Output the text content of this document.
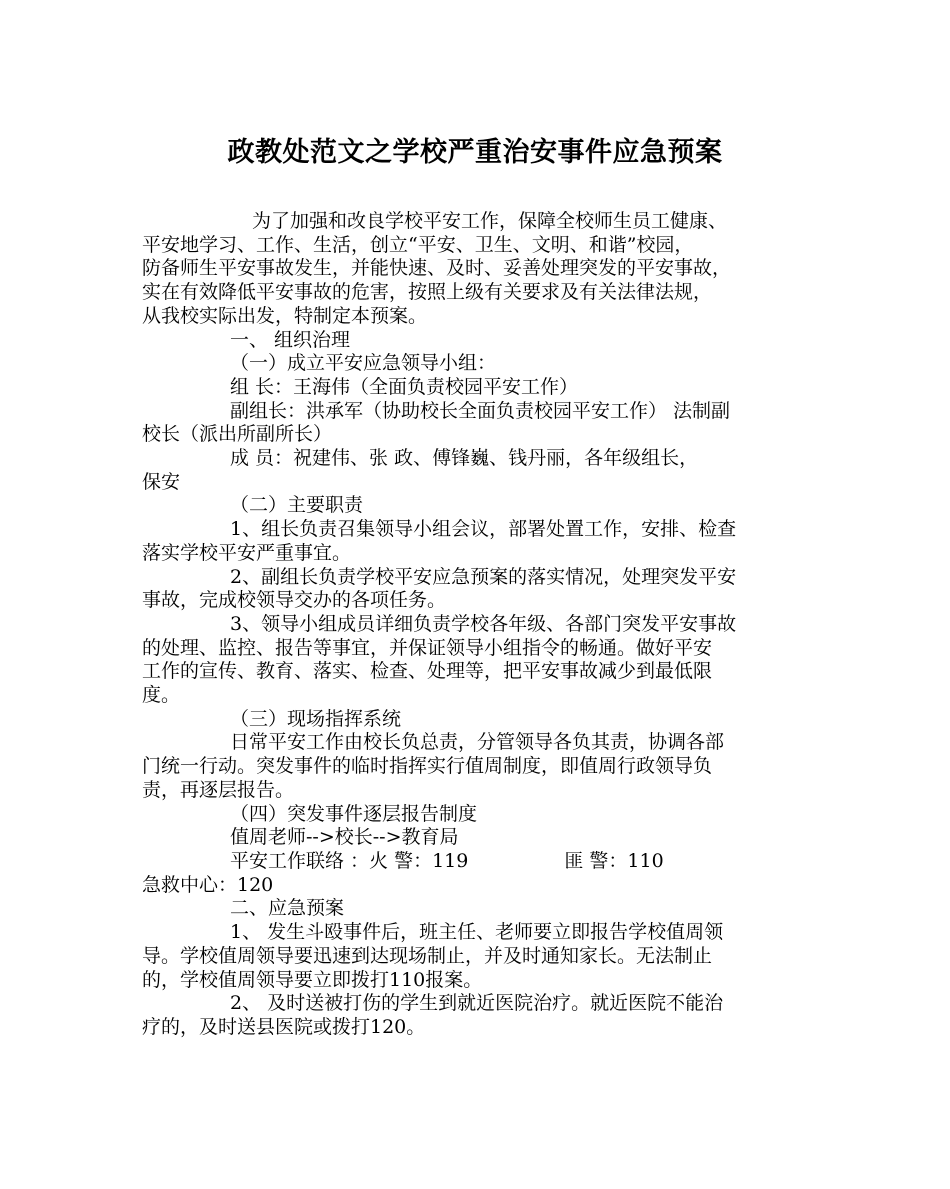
政教处范文之学校严重治安事件应急预案

为了加强和改良学校平安工作，保障全校师生员工健康、

平安地学习、工作、生活，创立“平安、卫生、文明、和谐”校园，

防备师生平安事故发生，并能快速、及时、妥善处理突发的平安事故，

实在有效降低平安事故的危害，按照上级有关要求及有关法律法规，

从我校实际出发，特制定本预案。

一、 组织治理

（一）成立平安应急领导小组：

组 长：王海伟（全面负责校园平安工作）

副组长：洪承军（协助校长全面负责校园平安工作） 法制副

校长（派出所副所长）

成 员：祝建伟、张 政、傅锋巍、钱丹丽，各年级组长，

保安

（二）主要职责

1、组长负责召集领导小组会议，部署处置工作，安排、检查

落实学校平安严重事宜。

2、副组长负责学校平安应急预案的落实情况，处理突发平安

事故，完成校领导交办的各项任务。

3、领导小组成员详细负责学校各年级、各部门突发平安事故

的处理、监控、报告等事宜，并保证领导小组指令的畅通。做好平安

工作的宣传、教育、落实、检查、处理等，把平安事故减少到最低限

度。

（三）现场指挥系统

日常平安工作由校长负总责，分管领导各负其责，协调各部

门统一行动。突发事件的临时指挥实行值周制度，即值周行政领导负

责，再逐层报告。

（四）突发事件逐层报告制度

值周老师-->校长-->教育局

平安工作联络 ：火 警：119	匪 警：110

急救中心：120

二、应急预案

1、 发生斗殴事件后，班主任、老师要立即报告学校值周领

导。学校值周领导要迅速到达现场制止，并及时通知家长。无法制止

的，学校值周领导要立即拨打110报案。

2、 及时送被打伤的学生到就近医院治疗。就近医院不能治

疗的，及时送县医院或拨打120。
